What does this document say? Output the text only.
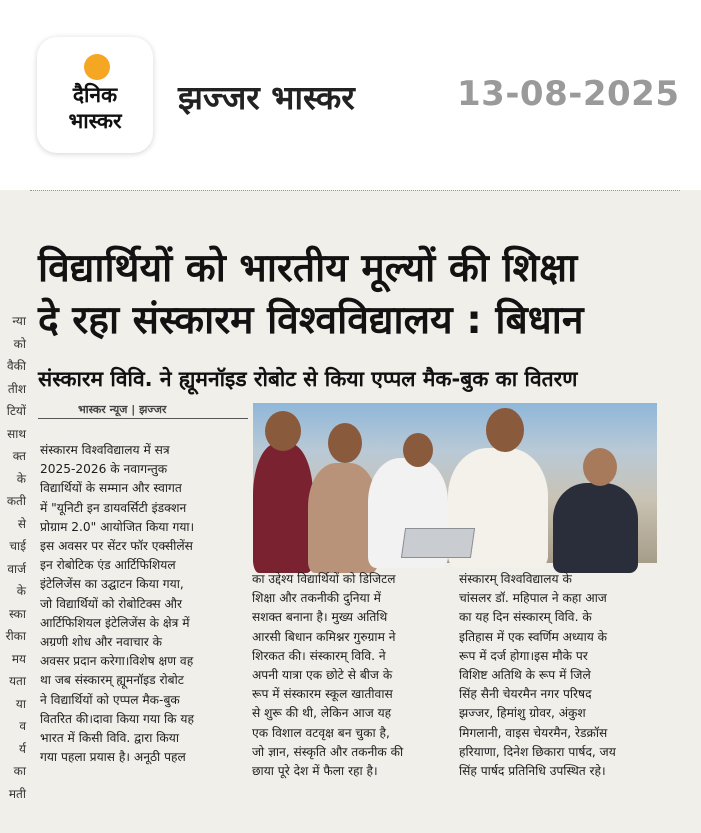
दैनिक
भास्कर
झज्जर भास्कर	13-08-2025
न्या
को
वैकी
तीश
टियों
साथ
क्त
के
कती
से
चाई
वार्ज
के
स्का
रीका
मय
यता
या
व
र्य
का
मती
विद्यार्थियों को भारतीय मूल्यों की शिक्षा
दे रहा संस्कारम विश्वविद्यालय : बिधान
संस्कारम विवि. ने ह्यूमनॉइड रोबोट से किया एप्पल मैक-बुक का वितरण
भास्कर न्यूज | झज्जर

संस्कारम विश्वविद्यालय में सत्र

2025-2026 के नवागन्तुक

विद्यार्थियों के सम्मान और स्वागत

में "यूनिटी इन डायवर्सिटी इंडक्शन

प्रोग्राम 2.0" आयोजित किया गया।

इस अवसर पर सेंटर फॉर एक्सीलेंस

इन रोबोटिक एंड आर्टिफिशियल

इंटेलिजेंस का उद्घाटन किया गया,

जो विद्यार्थियों को रोबोटिक्स और

आर्टिफिशियल इंटेलिजेंस के क्षेत्र में

अग्रणी शोध और नवाचार के

अवसर प्रदान करेगा।विशेष क्षण वह

था जब संस्कारम् ह्यूमनॉइड रोबोट

ने विद्यार्थियों को एप्पल मैक-बुक

वितरित की।दावा किया गया कि यह

भारत में किसी विवि. द्वारा किया

गया पहला प्रयास है। अनूठी पहल

का उद्देश्य विद्यार्थियों को डिजिटल

शिक्षा और तकनीकी दुनिया में

सशक्त बनाना है। मुख्य अतिथि

आरसी बिधान कमिश्नर गुरुग्राम ने

शिरकत की। संस्कारम् विवि. ने

अपनी यात्रा एक छोटे से बीज के

रूप में संस्कारम स्कूल खातीवास

से शुरू की थी, लेकिन आज यह

एक विशाल वटवृक्ष बन चुका है,

जो ज्ञान, संस्कृति और तकनीक की

छाया पूरे देश में फैला रहा है।

संस्कारम् विश्वविद्यालय के

चांसलर डॉ. महिपाल ने कहा आज

का यह दिन संस्कारम् विवि. के

इतिहास में एक स्वर्णिम अध्याय के

रूप में दर्ज होगा।इस मौके पर

विशिष्ट अतिथि के रूप में जिले

सिंह सैनी चेयरमैन नगर परिषद

झज्जर, हिमांशु ग्रोवर, अंकुश

मिगलानी, वाइस चेयरमैन, रेडक्रॉस

हरियाणा, दिनेश छिकारा पार्षद, जय

सिंह पार्षद प्रतिनिधि उपस्थित रहे।
